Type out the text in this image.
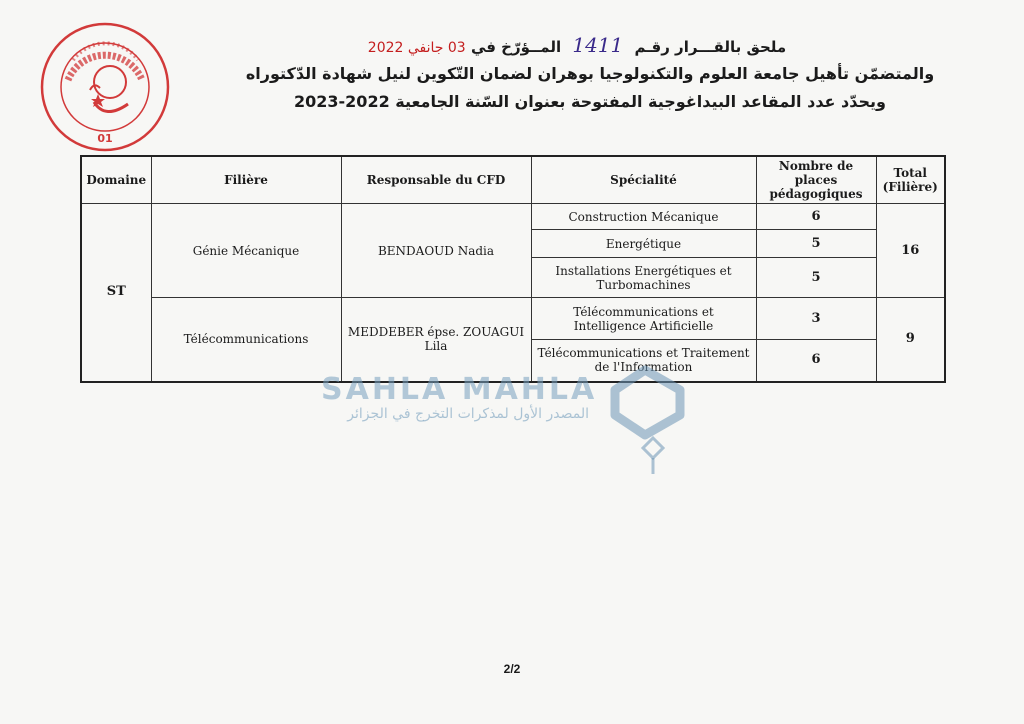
01
ملحق بالقـــرار رقـم 1411 المــؤرّخ في 03 جانفي 2022
والمتضمّن تأهيل جامعة العلوم والتكنولوجيا بوهران لضمان التّكوين لنيل شهادة الدّكتوراه
ويحدّد عدد المقاعد البيداغوجية المفتوحة بعنوان السّنة الجامعية 2022-2023
Domaine	Filière	Responsable du CFD	Spécialité	Nombre de places pédagogiques	Total (Filière)
ST	Génie Mécanique	BENDAOUD Nadia	Construction Mécanique	6	16
			Energétique	5	
			Installations Energétiques et Turbomachines	5	
	Télécommunications	MEDDEBER épse. ZOUAGUI Lila	Télécommunications et Intelligence Artificielle	3	9
			Télécommunications et Traitement de l'Information	6	
SAHLA MAHLA
المصدر الأول لمذكرات التخرج في الجزائر
2/2
